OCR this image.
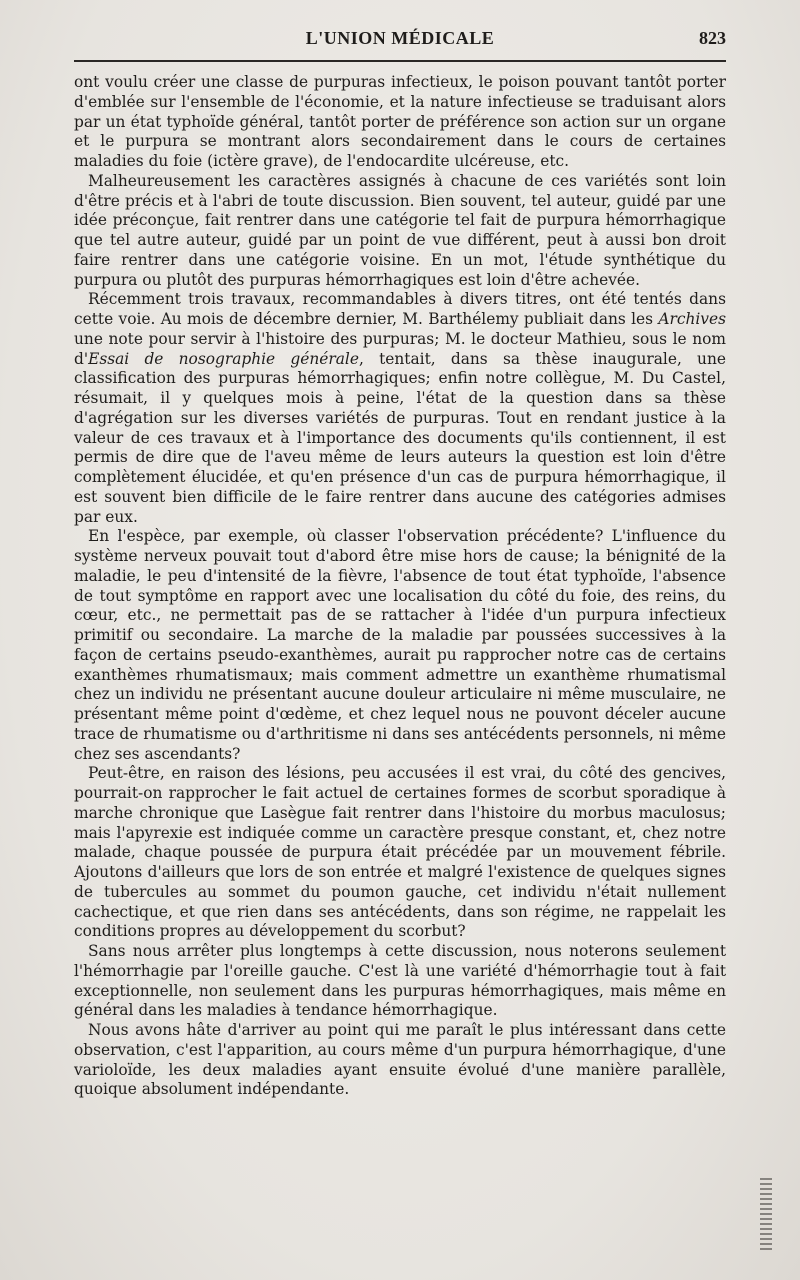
L'UNION MÉDICALE	823

ont voulu créer une classe de purpuras infectieux, le poison pouvant tantôt porter d'emblée sur l'ensemble de l'économie, et la nature infectieuse se traduisant alors par un état typhoïde général, tantôt porter de préférence son action sur un organe et le purpura se montrant alors secondairement dans le cours de certaines maladies du foie (ictère grave), de l'endocardite ulcéreuse, etc.

Malheureusement les caractères assignés à chacune de ces variétés sont loin d'être précis et à l'abri de toute discussion. Bien souvent, tel auteur, guidé par une idée préconçue, fait rentrer dans une catégorie tel fait de purpura hémorrhagique que tel autre auteur, guidé par un point de vue différent, peut à aussi bon droit faire rentrer dans une catégorie voisine. En un mot, l'étude synthétique du purpura ou plutôt des purpuras hémorrhagiques est loin d'être achevée.

Récemment trois travaux, recommandables à divers titres, ont été tentés dans cette voie. Au mois de décembre dernier, M. Barthélemy publiait dans les Archives une note pour servir à l'histoire des purpuras; M. le docteur Mathieu, sous le nom d'Essai de nosographie générale, tentait, dans sa thèse inaugurale, une classification des purpuras hémorrhagiques; enfin notre collègue, M. Du Castel, résumait, il y quelques mois à peine, l'état de la question dans sa thèse d'agrégation sur les diverses variétés de purpuras. Tout en rendant justice à la valeur de ces travaux et à l'importance des documents qu'ils contiennent, il est permis de dire que de l'aveu même de leurs auteurs la question est loin d'être complètement élucidée, et qu'en présence d'un cas de purpura hémorrhagique, il est souvent bien difficile de le faire rentrer dans aucune des catégories admises par eux.

En l'espèce, par exemple, où classer l'observation précédente? L'influence du système nerveux pouvait tout d'abord être mise hors de cause; la bénignité de la maladie, le peu d'intensité de la fièvre, l'absence de tout état typhoïde, l'absence de tout symptôme en rapport avec une localisation du côté du foie, des reins, du cœur, etc., ne permettait pas de se rattacher à l'idée d'un purpura infectieux primitif ou secondaire. La marche de la maladie par poussées successives à la façon de certains pseudo-exanthèmes, aurait pu rapprocher notre cas de certains exanthèmes rhumatismaux; mais comment admettre un exanthème rhumatismal chez un individu ne présentant aucune douleur articulaire ni même musculaire, ne présentant même point d'œdème, et chez lequel nous ne pouvont déceler aucune trace de rhumatisme ou d'arthritisme ni dans ses antécédents personnels, ni même chez ses ascendants?

Peut-être, en raison des lésions, peu accusées il est vrai, du côté des gencives, pourrait-on rapprocher le fait actuel de certaines formes de scorbut sporadique à marche chronique que Lasègue fait rentrer dans l'histoire du morbus maculosus; mais l'apyrexie est indiquée comme un caractère presque constant, et, chez notre malade, chaque poussée de purpura était précédée par un mouvement fébrile. Ajoutons d'ailleurs que lors de son entrée et malgré l'existence de quelques signes de tubercules au sommet du poumon gauche, cet individu n'était nullement cachectique, et que rien dans ses antécédents, dans son régime, ne rappelait les conditions propres au développement du scorbut?

Sans nous arrêter plus longtemps à cette discussion, nous noterons seulement l'hémorrhagie par l'oreille gauche. C'est là une variété d'hémorrhagie tout à fait exceptionnelle, non seulement dans les purpuras hémorrhagiques, mais même en général dans les maladies à tendance hémorrhagique.

Nous avons hâte d'arriver au point qui me paraît le plus intéressant dans cette observation, c'est l'apparition, au cours même d'un purpura hémorrhagique, d'une varioloïde, les deux maladies ayant ensuite évolué d'une manière parallèle, quoique absolument indépendante.
